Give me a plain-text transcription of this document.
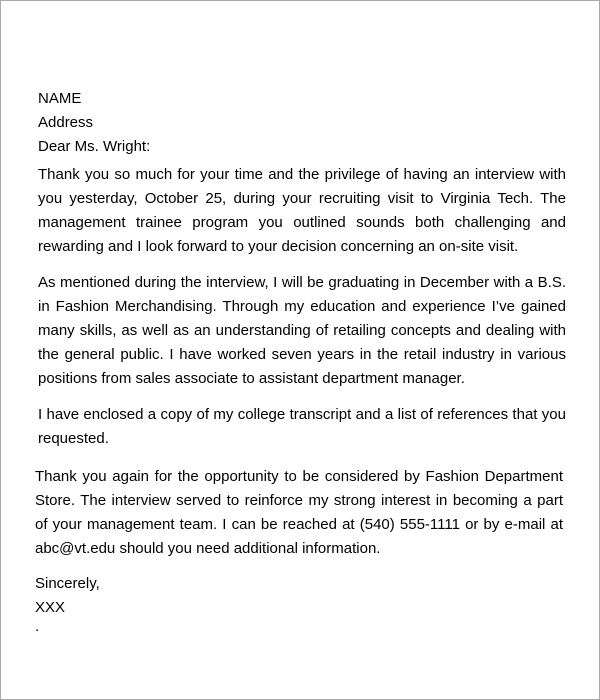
NAME
Address
Dear Ms. Wright:

Thank you so much for your time and the privilege of having an interview with you yesterday, October 25, during your recruiting visit to Virginia Tech. The management trainee program you outlined sounds both challenging and rewarding and I look forward to your decision concerning an on-site visit.

As mentioned during the interview, I will be graduating in December with a B.S. in Fashion Merchandising. Through my education and experience I’ve gained many skills, as well as an understanding of retailing concepts and dealing with the general public. I have worked seven years in the retail industry in various positions from sales associate to assistant department manager.

I have enclosed a copy of my college transcript and a list of references that you requested.

Thank you again for the opportunity to be considered by Fashion Department Store. The interview served to reinforce my strong interest in becoming a part of your management team. I can be reached at (540) 555-1111 or by e-mail at abc@vt.edu should you need additional information.

Sincerely,
XXX
.
